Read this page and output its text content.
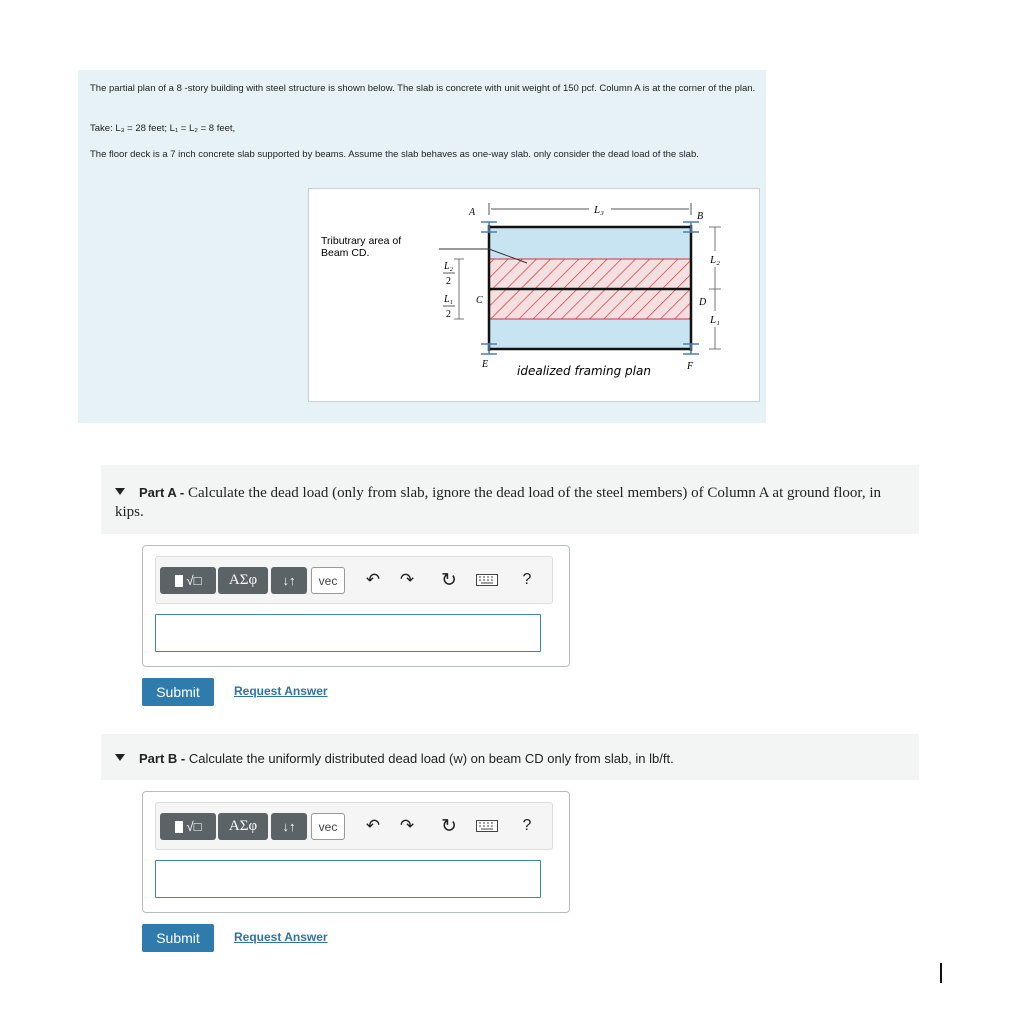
The partial plan of a 8 -story building with steel structure is shown below. The slab is concrete with unit weight of 150 pcf. Column A is at the corner of the plan.

Take: L₃ = 28 feet; L₁ = L₂ = 8 feet,

The floor deck is a 7 inch concrete slab supported by beams. Assume the slab behaves as one-way slab. only consider the dead load of the slab.

L₃
A	B
C	D
E	F
L₂
L₁
L₂
2
L₁
2
Tributrary area of
Beam CD.
idealized framing plan
Part A - Calculate the dead load (only from slab, ignore the dead load of the steel members) of Column A at ground floor, in kips.
√□	ΑΣφ	↓↑	vec	↶ ↷ ↻	?
Submit	Request Answer
Part B - Calculate the uniformly distributed dead load (w) on beam CD only from slab, in lb/ft.
√□	ΑΣφ	↓↑	vec	↶ ↷ ↻	?
Submit	Request Answer
